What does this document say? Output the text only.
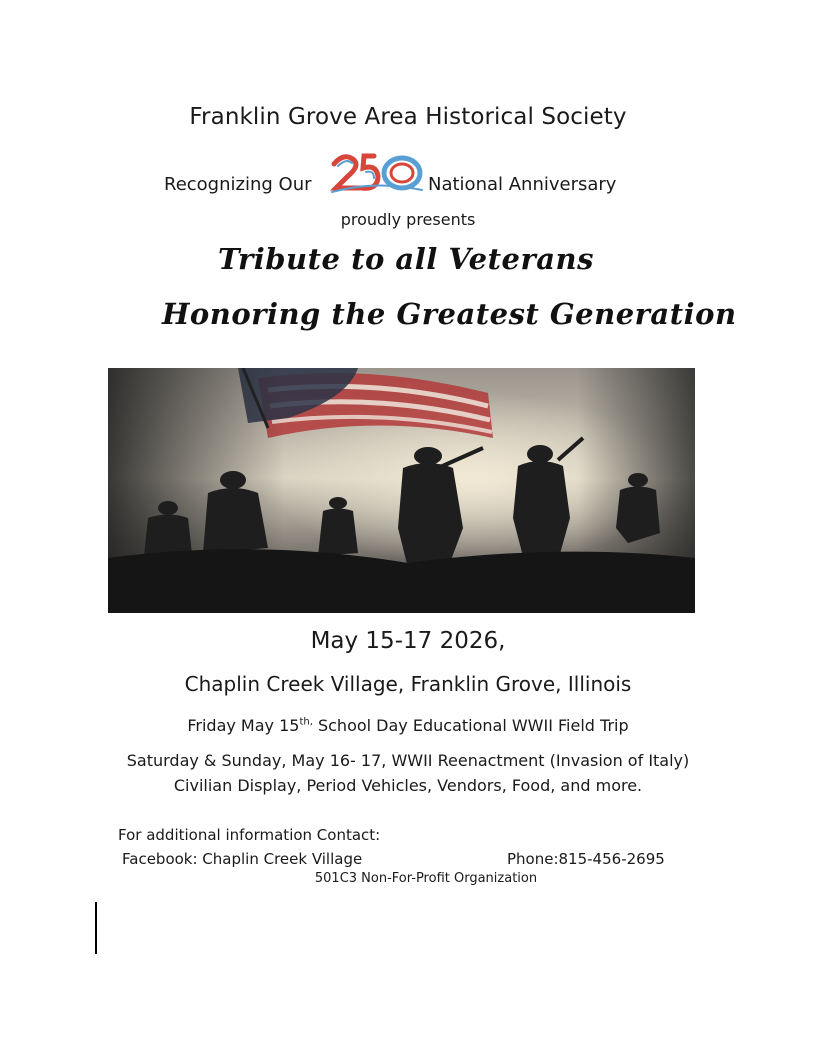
Franklin Grove Area Historical Society
Recognizing Our
250
National Anniversary
proudly presents
Tribute to all Veterans
Honoring the Greatest Generation
May 15-17 2026,
Chaplin Creek Village, Franklin Grove, Illinois
Friday May $15^{th,}$ School Day Educational WWII Field Trip
Saturday & Sunday, May 16- 17, WWII Reenactment (Invasion of Italy)
Civilian Display, Period Vehicles, Vendors, Food, and more.
For additional information Contact:
Facebook: Chaplin Creek Village	Phone:815-456-2695
501C3 Non-For-Profit Organization
